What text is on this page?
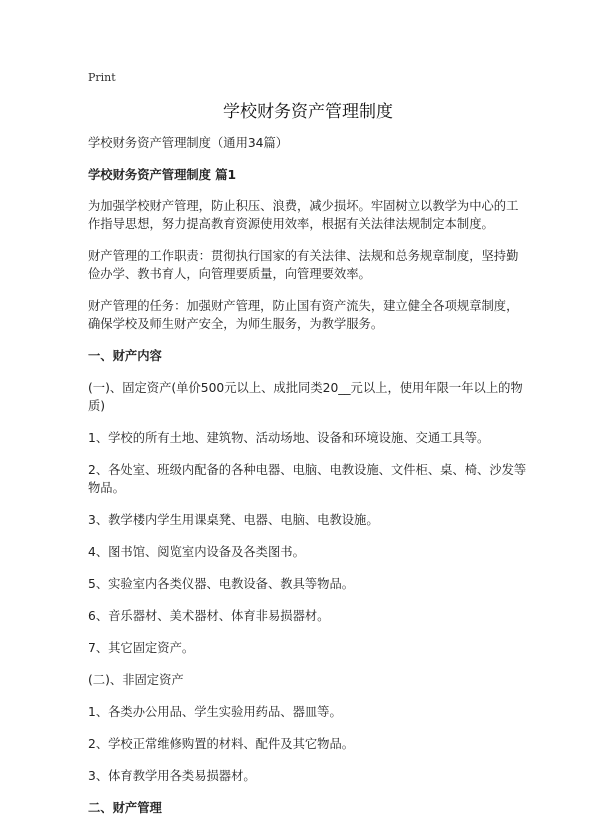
Print

学校财务资产管理制度

学校财务资产管理制度（通用34篇）

学校财务资产管理制度 篇1

为加强学校财产管理，防止积压、浪费，减少损坏。牢固树立以教学为中心的工作指导思想，努力提高教育资源使用效率，根据有关法律法规制定本制度。

财产管理的工作职责：贯彻执行国家的有关法律、法规和总务规章制度，坚持勤俭办学、教书育人，向管理要质量，向管理要效率。

财产管理的任务：加强财产管理，防止国有资产流失，建立健全各项规章制度，确保学校及师生财产安全，为师生服务，为教学服务。

一、财产内容

(一)、固定资产(单价500元以上、成批同类20__元以上，使用年限一年以上的物质)

1、学校的所有土地、建筑物、活动场地、设备和环境设施、交通工具等。

2、各处室、班级内配备的各种电器、电脑、电教设施、文件柜、桌、椅、沙发等物品。

3、教学楼内学生用课桌凳、电器、电脑、电教设施。

4、图书馆、阅览室内设备及各类图书。

5、实验室内各类仪器、电教设备、教具等物品。

6、音乐器材、美术器材、体育非易损器材。

7、其它固定资产。

(二)、非固定资产

1、各类办公用品、学生实验用药品、器皿等。

2、学校正常维修购置的材料、配件及其它物品。

3、体育教学用各类易损器材。

二、财产管理
